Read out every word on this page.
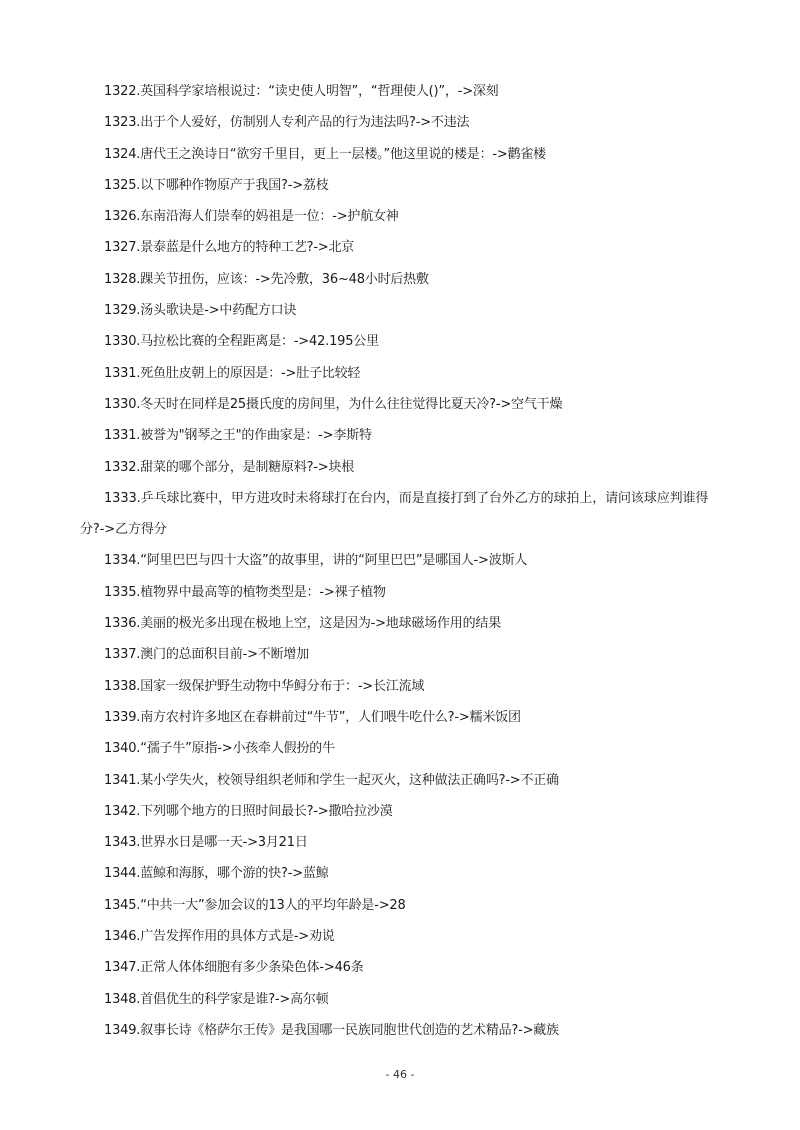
1322.英国科学家培根说过：“读史使人明智”，“哲理使人()”，->深刻
1323.出于个人爱好，仿制别人专利产品的行为违法吗?->不违法
1324.唐代王之涣诗日“欲穷千里目，更上一层楼。”他这里说的楼是：->鹳雀楼
1325.以下哪种作物原产于我国?->荔枝
1326.东南沿海人们崇奉的妈祖是一位：->护航女神
1327.景泰蓝是什么地方的特种工艺?->北京
1328.踝关节扭伤，应该：->先冷敷，36~48小时后热敷
1329.汤头歌诀是->中药配方口诀
1330.马拉松比赛的全程距离是：->42.195公里
1331.死鱼肚皮朝上的原因是：->肚子比较轻
1330.冬天时在同样是25摄氏度的房间里，为什么往往觉得比夏天冷?->空气干燥
1331.被誉为"钢琴之王"的作曲家是：->李斯特
1332.甜菜的哪个部分，是制糖原料?->块根
1333.乒乓球比赛中，甲方进攻时未将球打在台内，而是直接打到了台外乙方的球拍上，请问该球应判谁得分?->乙方得分
1334.“阿里巴巴与四十大盗”的故事里，讲的“阿里巴巴”是哪国人->波斯人
1335.植物界中最高等的植物类型是：->裸子植物
1336.美丽的极光多出现在极地上空，这是因为->地球磁场作用的结果
1337.澳门的总面积目前->不断增加
1338.国家一级保护野生动物中华鲟分布于：->长江流域
1339.南方农村许多地区在春耕前过“牛节”，人们喂牛吃什么?->糯米饭团
1340.“孺子牛”原指->小孩牵人假扮的牛
1341.某小学失火，校领导组织老师和学生一起灭火，这种做法正确吗?->不正确
1342.下列哪个地方的日照时间最长?->撒哈拉沙漠
1343.世界水日是哪一天->3月21日
1344.蓝鲸和海豚，哪个游的快?->蓝鲸
1345.“中共一大”参加会议的13人的平均年龄是->28
1346.广告发挥作用的具体方式是->劝说
1347.正常人体体细胞有多少条染色体->46条
1348.首倡优生的科学家是谁?->高尔顿
1349.叙事长诗《格萨尔王传》是我国哪一民族同胞世代创造的艺术精品?->藏族
- 46 -
